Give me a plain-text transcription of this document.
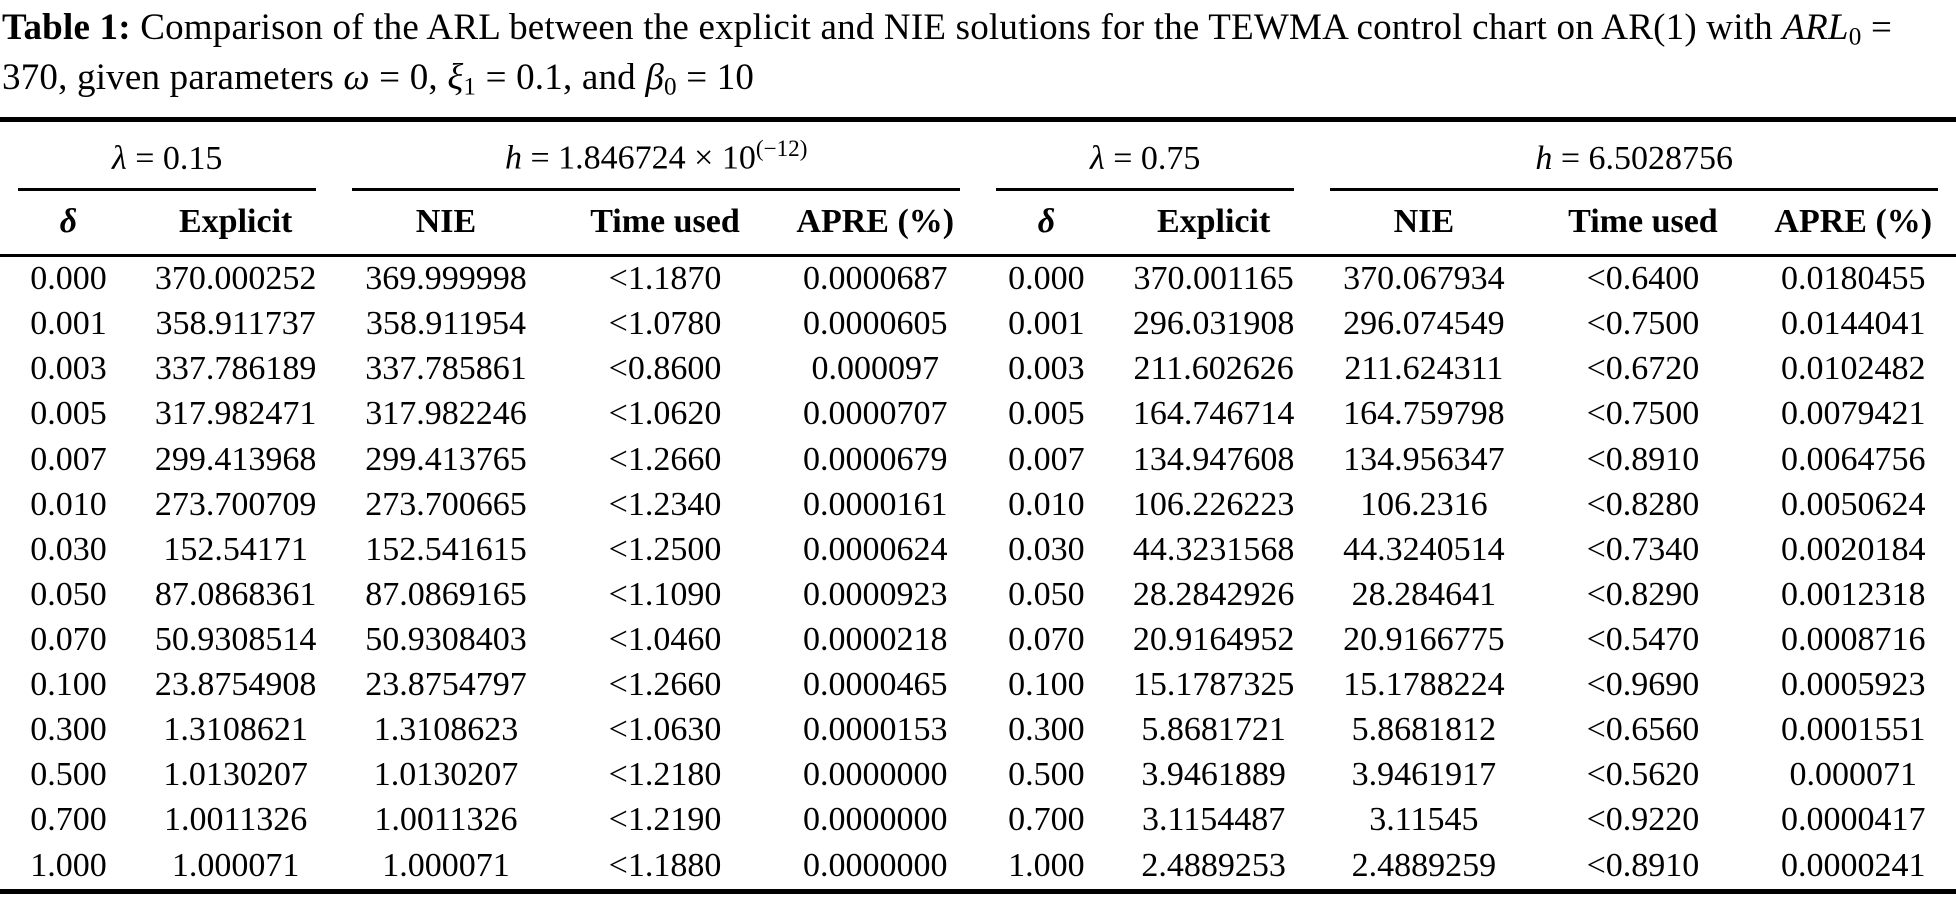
Table 1: Comparison of the ARL between the explicit and NIE solutions for the TEWMA control chart on AR(1) with $ARL_0 = 370$, given parameters ω = 0, $\xi_1 = 0.1$, and $\beta_0 = 10$

λ = 0.15		$h = 1.846724 \times 10^{(-12)}$			λ = 0.75		h = 6.5028756		

δ	Explicit	NIE	Time used	APRE (%)	δ	Explicit	NIE	Time used	APRE (%)
0.000	370.000252	369.999998	<1.1870	0.0000687	0.000	370.001165	370.067934	<0.6400	0.0180455
0.001	358.911737	358.911954	<1.0780	0.0000605	0.001	296.031908	296.074549	<0.7500	0.0144041
0.003	337.786189	337.785861	<0.8600	0.000097	0.003	211.602626	211.624311	<0.6720	0.0102482
0.005	317.982471	317.982246	<1.0620	0.0000707	0.005	164.746714	164.759798	<0.7500	0.0079421
0.007	299.413968	299.413765	<1.2660	0.0000679	0.007	134.947608	134.956347	<0.8910	0.0064756
0.010	273.700709	273.700665	<1.2340	0.0000161	0.010	106.226223	106.2316	<0.8280	0.0050624
0.030	152.54171	152.541615	<1.2500	0.0000624	0.030	44.3231568	44.3240514	<0.7340	0.0020184
0.050	87.0868361	87.0869165	<1.1090	0.0000923	0.050	28.2842926	28.284641	<0.8290	0.0012318
0.070	50.9308514	50.9308403	<1.0460	0.0000218	0.070	20.9164952	20.9166775	<0.5470	0.0008716
0.100	23.8754908	23.8754797	<1.2660	0.0000465	0.100	15.1787325	15.1788224	<0.9690	0.0005923
0.300	1.3108621	1.3108623	<1.0630	0.0000153	0.300	5.8681721	5.8681812	<0.6560	0.0001551
0.500	1.0130207	1.0130207	<1.2180	0.0000000	0.500	3.9461889	3.9461917	<0.5620	0.000071
0.700	1.0011326	1.0011326	<1.2190	0.0000000	0.700	3.1154487	3.11545	<0.9220	0.0000417
1.000	1.000071	1.000071	<1.1880	0.0000000	1.000	2.4889253	2.4889259	<0.8910	0.0000241
